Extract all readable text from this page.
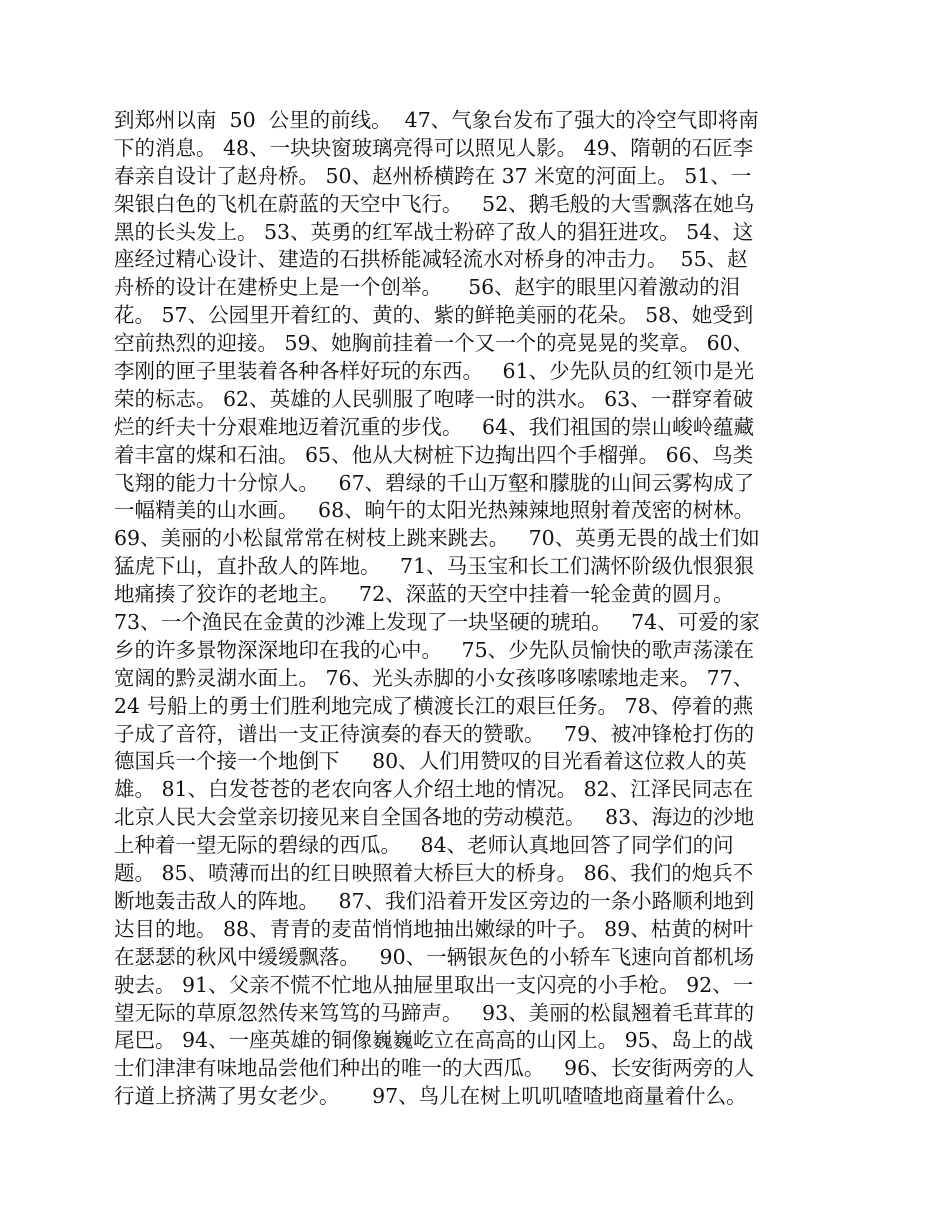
到郑州以南  50  公里的前线。  47、气象台发布了强大的冷空气即将南
下的消息。 48、一块块窗玻璃亮得可以照见人影。 49、隋朝的石匠李
春亲自设计了赵舟桥。 50、赵州桥横跨在 37 米宽的河面上。 51、一
架银白色的飞机在蔚蓝的天空中飞行。   52、鹅毛般的大雪飘落在她乌
黑的长头发上。 53、英勇的红军战士粉碎了敌人的猖狂进攻。 54、这
座经过精心设计、建造的石拱桥能减轻流水对桥身的冲击力。  55、赵
舟桥的设计在建桥史上是一个创举。    56、赵宇的眼里闪着激动的泪
花。 57、公园里开着红的、黄的、紫的鲜艳美丽的花朵。 58、她受到
空前热烈的迎接。 59、她胸前挂着一个又一个的亮晃晃的奖章。 60、
李刚的匣子里装着各种各样好玩的东西。   61、少先队员的红领巾是光
荣的标志。 62、英雄的人民驯服了咆哮一时的洪水。 63、一群穿着破
烂的纤夫十分艰难地迈着沉重的步伐。   64、我们祖国的崇山峻岭蕴藏
着丰富的煤和石油。 65、他从大树桩下边掏出四个手榴弹。 66、鸟类
飞翔的能力十分惊人。   67、碧绿的千山万壑和朦胧的山间云雾构成了
一幅精美的山水画。   68、晌午的太阳光热辣辣地照射着茂密的树林。
69、美丽的小松鼠常常在树枝上跳来跳去。   70、英勇无畏的战士们如
猛虎下山，直扑敌人的阵地。   71、马玉宝和长工们满怀阶级仇恨狠狠
地痛揍了狡诈的老地主。   72、深蓝的天空中挂着一轮金黄的圆月。
73、一个渔民在金黄的沙滩上发现了一块坚硬的琥珀。   74、可爱的家
乡的许多景物深深地印在我的心中。   75、少先队员愉快的歌声荡漾在
宽阔的黔灵湖水面上。 76、光头赤脚的小女孩哆哆嗦嗦地走来。 77、
24 号船上的勇士们胜利地完成了横渡长江的艰巨任务。 78、停着的燕
子成了音符，谱出一支正待演奏的春天的赞歌。   79、被冲锋枪打伤的
德国兵一个接一个地倒下     80、人们用赞叹的目光看着这位救人的英
雄。 81、白发苍苍的老农向客人介绍土地的情况。 82、江泽民同志在
北京人民大会堂亲切接见来自全国各地的劳动模范。   83、海边的沙地
上种着一望无际的碧绿的西瓜。   84、老师认真地回答了同学们的问
题。 85、喷薄而出的红日映照着大桥巨大的桥身。 86、我们的炮兵不
断地轰击敌人的阵地。   87、我们沿着开发区旁边的一条小路顺利地到
达目的地。 88、青青的麦苗悄悄地抽出嫩绿的叶子。 89、枯黄的树叶
在瑟瑟的秋风中缓缓飘落。   90、一辆银灰色的小轿车飞速向首都机场
驶去。 91、父亲不慌不忙地从抽屉里取出一支闪亮的小手枪。 92、一
望无际的草原忽然传来笃笃的马蹄声。   93、美丽的松鼠翘着毛茸茸的
尾巴。 94、一座英雄的铜像巍巍屹立在高高的山冈上。 95、岛上的战
士们津津有味地品尝他们种出的唯一的大西瓜。   96、长安街两旁的人
行道上挤满了男女老少。     97、鸟儿在树上叽叽喳喳地商量着什么。
